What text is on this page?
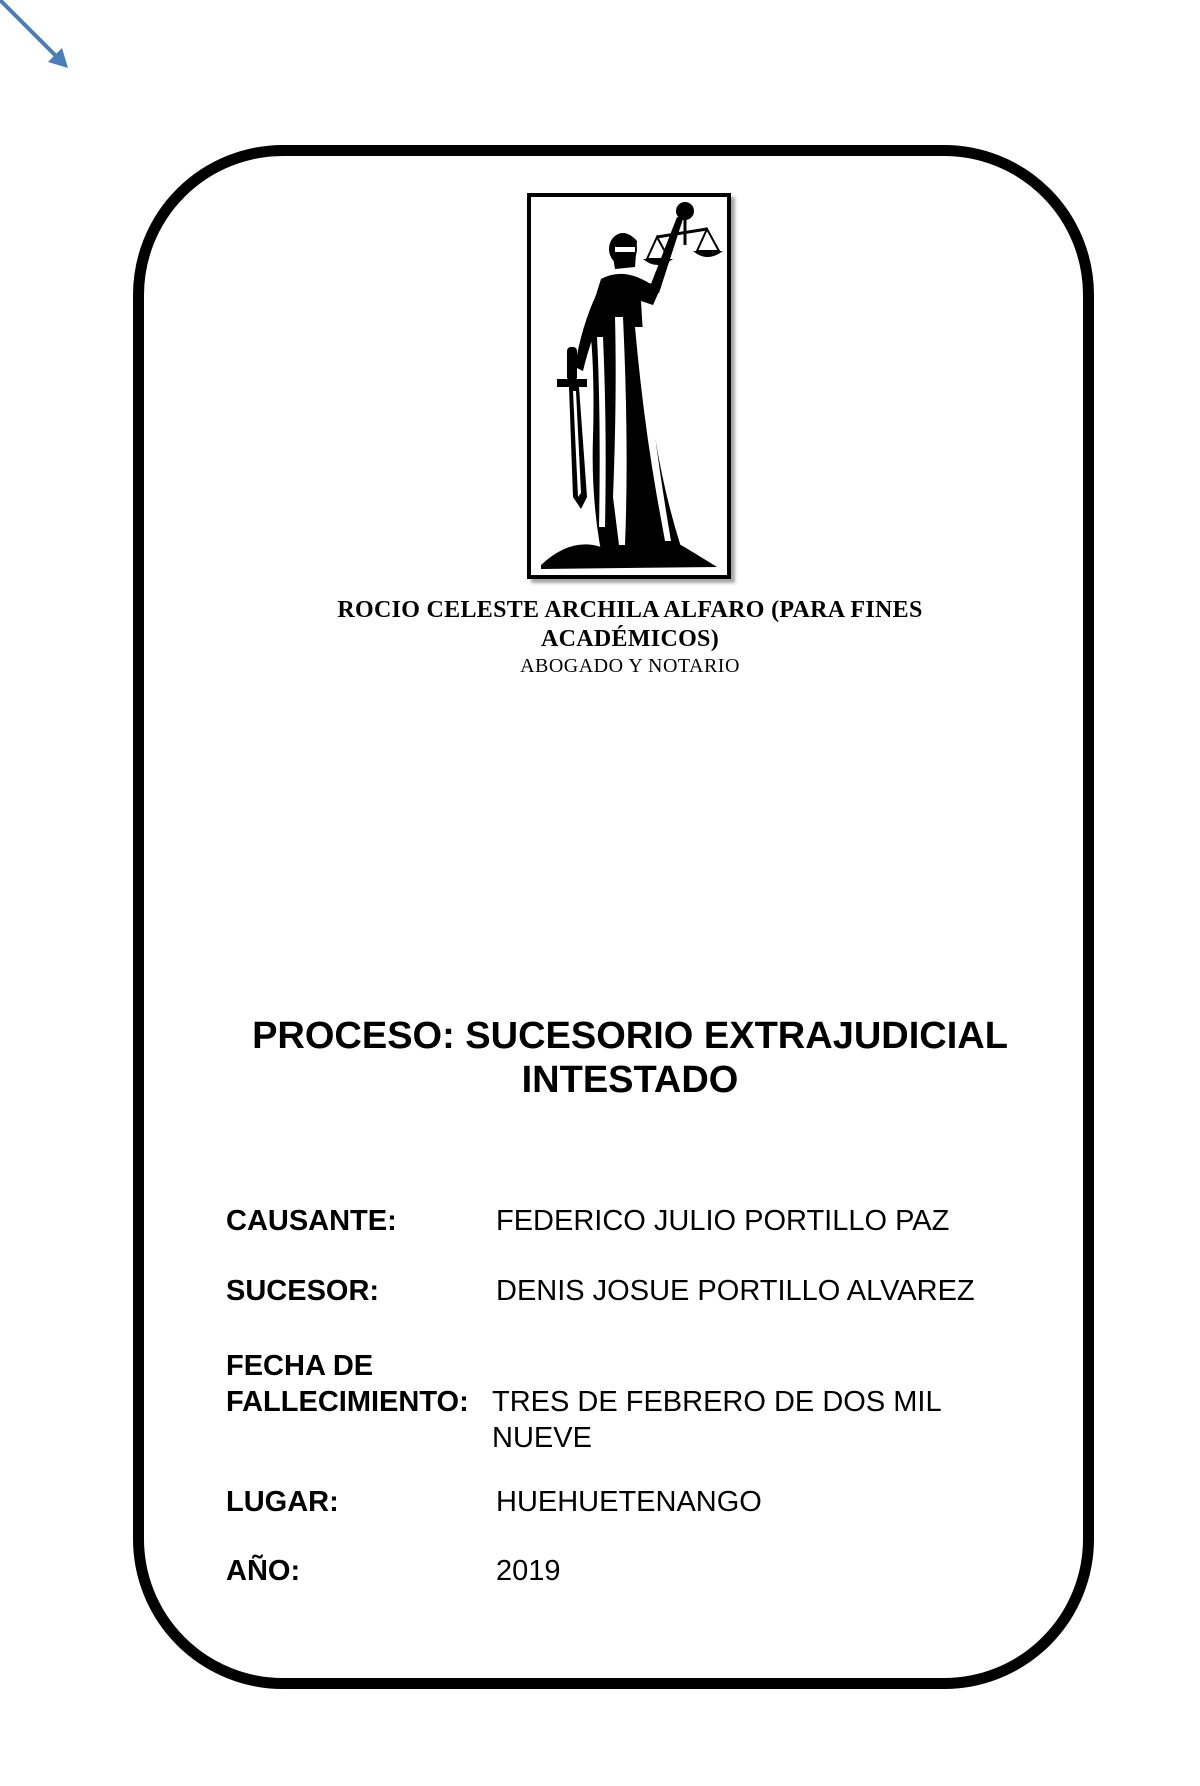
ROCIO CELESTE ARCHILA ALFARO (PARA FINES ACADÉMICOS)
ABOGADO Y NOTARIO
PROCESO: SUCESORIO EXTRAJUDICIAL INTESTADO
CAUSANTE:	FEDERICO JULIO PORTILLO PAZ
SUCESOR:	DENIS JOSUE PORTILLO ALVAREZ
FECHA DE FALLECIMIENTO: TRES DE FEBRERO DE DOS MIL NUEVE
LUGAR:	HUEHUETENANGO
AÑO:	2019
